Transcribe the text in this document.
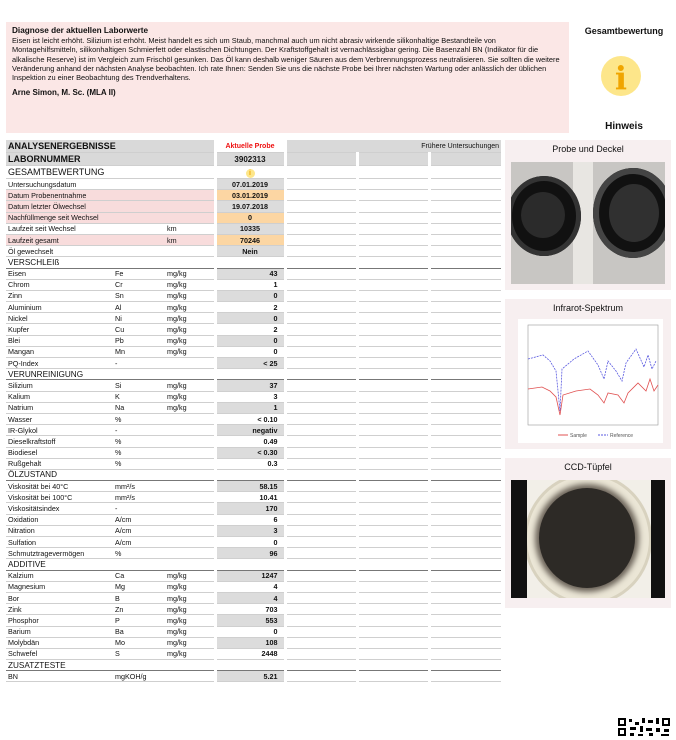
Diagnose der aktuellen Laborwerte

Eisen ist leicht erhöht. Silizium ist erhöht. Meist handelt es sich um Staub, manchmal auch um nicht abrasiv wirkende silikonhaltige Bestandteile von Montagehilfsmitteln, silikonhaltigen Schmierfett oder elastischen Dichtungen. Der Kraftstoffgehalt ist vernachlässigbar gering. Die Basenzahl BN (Indikator für die alkalische Reserve) ist im Vergleich zum Frischöl gesunken. Das Öl kann deshalb weniger Säuren aus dem Verbrennungsprozess neutralisieren. Sie sollten die weitere Veränderung anhand der nächsten Analyse beobachten. Ich rate Ihnen: Senden Sie uns die nächste Probe bei Ihrer nächsten Wartung oder anlässlich der üblichen Inspektion zu einer Beobachtung des Trendverhaltens.

Arne Simon, M. Sc. (MLA II)
Gesamtbewertung
i
Hinweis
ANALYSENERGEBNISSE			Aktuelle Probe	Frühere Untersuchungen		
LABORNUMMER			3902313			
GESAMTBEWERTUNG			i			
Untersuchungsdatum			07.01.2019			
Datum Probenentnahme			03.01.2019			
Datum letzter Ölwechsel			19.07.2018			
Nachfüllmenge seit Wechsel			0			
Laufzeit seit Wechsel		km	10335			
Laufzeit gesamt		km	70246			
Öl gewechselt			Nein			
VERSCHLEIß						
Eisen	Fe	mg/kg	43			
Chrom	Cr	mg/kg	1			
Zinn	Sn	mg/kg	0			
Aluminium	Al	mg/kg	2			
Nickel	Ni	mg/kg	0			
Kupfer	Cu	mg/kg	2			
Blei	Pb	mg/kg	0			
Mangan	Mn	mg/kg	0			
PQ-Index	-		< 25			
VERUNREINIGUNG						
Silizium	Si	mg/kg	37			
Kalium	K	mg/kg	3			
Natrium	Na	mg/kg	1			
Wasser	%		< 0.10			
IR-Glykol	-		negativ			
Dieselkraftstoff	%		0.49			
Biodiesel	%		< 0.30			
Rußgehalt	%		0.3			
ÖLZUSTAND						
Viskosität bei 40°C	mm²/s		58.15			
Viskosität bei 100°C	mm²/s		10.41			
Viskositätsindex	-		170			
Oxidation	A/cm		6			
Nitration	A/cm		3			
Sulfation	A/cm		0			
Schmutztragevermögen	%		96			
ADDITIVE						
Kalzium	Ca	mg/kg	1247			
Magnesium	Mg	mg/kg	4			
Bor	B	mg/kg	4			
Zink	Zn	mg/kg	703			
Phosphor	P	mg/kg	553			
Barium	Ba	mg/kg	0			
Molybdän	Mo	mg/kg	108			
Schwefel	S	mg/kg	2448			
ZUSATZTESTE						
BN	mgKOH/g		5.21			
Probe und Deckel
Infrarot-Spektrum
Sample	Reference
CCD-Tüpfel
